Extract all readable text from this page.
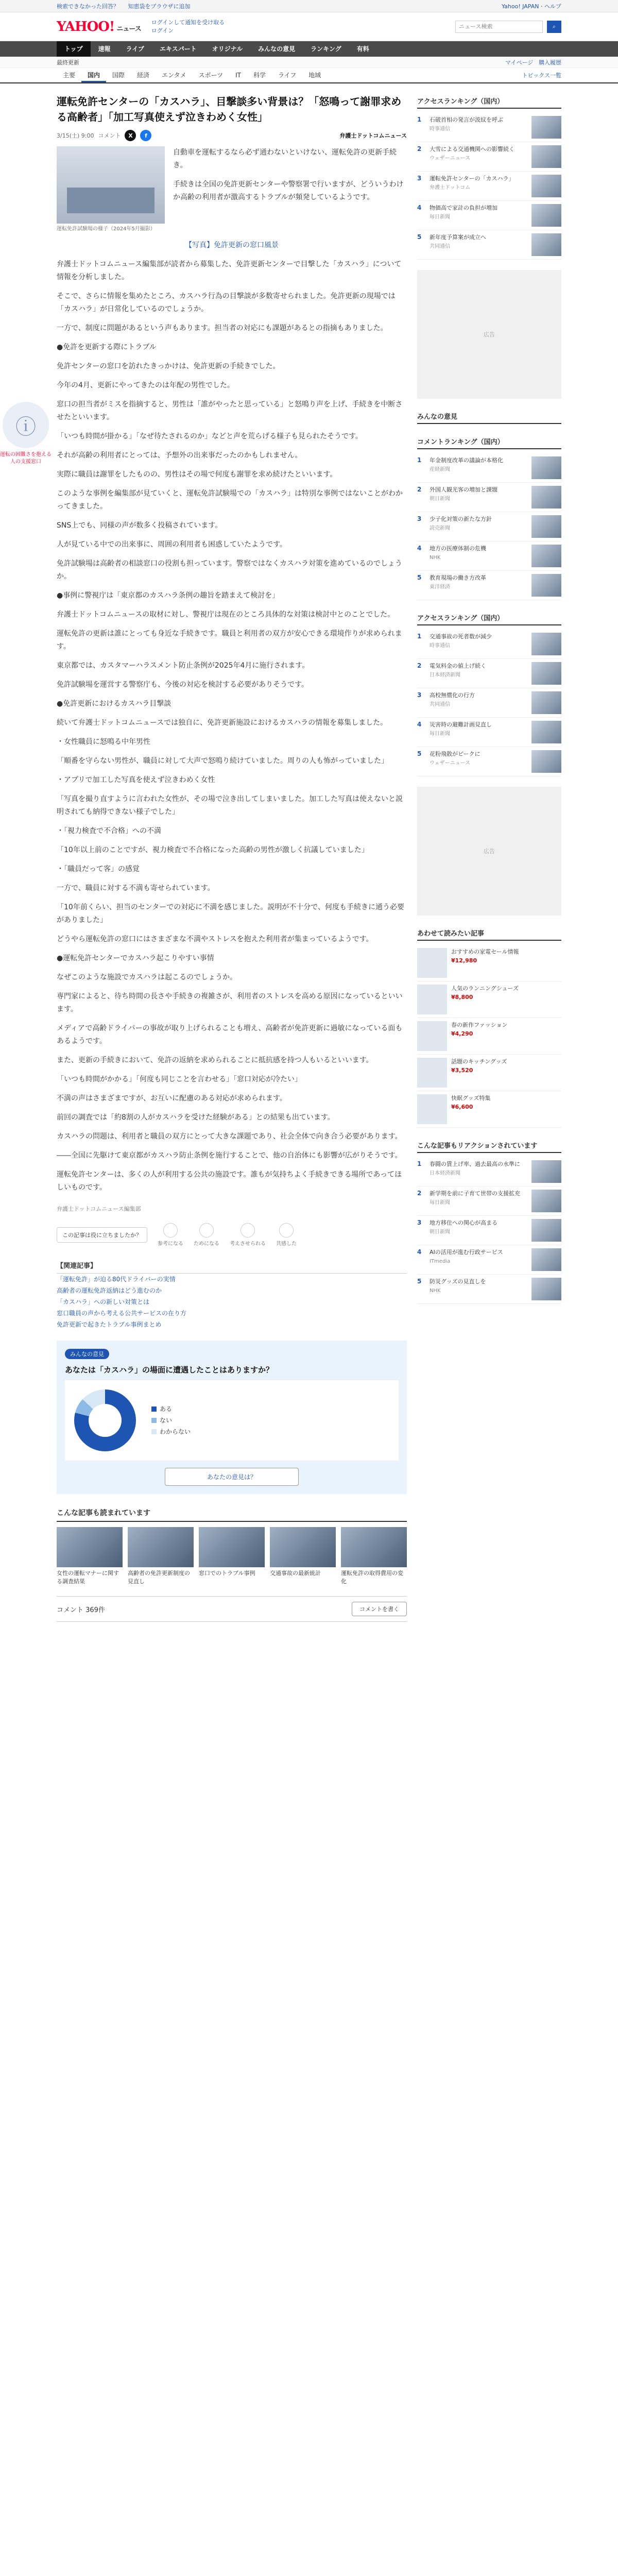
検索できなかった回答？ 知恵袋をブラウザに追加	Yahoo! JAPAN · ヘルプ
YAHOO! ニュース
ログインして通知を受け取る
ログイン
ニュース検索
⌕
トップ	速報	ライブ	エキスパート	オリジナル	みんなの意見	ランキング	有料
最終更新	マイページ 購入履歴
主要	国内	国際	経済	エンタメ	スポーツ	IT	科学	ライフ	地域	トピックス一覧
ⓘ

運転の困難さを抱える人の支援窓口

運転免許センターの「カスハラ」、目撃談多い背景は？「怒鳴って謝罪求める高齢者」「加工写真使えず泣きわめく女性」
3/15(土) 9:00 コメント	X	f	弁護士ドットコムニュース
運転免許試験場の様子（2024年5月撮影）

自動車を運転するなら必ず通わないといけない、運転免許の更新手続き。

手続きは全国の免許更新センターや警察署で行いますが、どういうわけか高齢の利用者が激高するトラブルが頻発しているようです。

【写真】免許更新の窓口風景

弁護士ドットコムニュース編集部が読者から募集した、免許更新センターで目撃した「カスハラ」について情報を分析しました。

そこで、さらに情報を集めたところ、カスハラ行為の目撃談が多数寄せられました。免許更新の現場では「カスハラ」が日常化しているのでしょうか。

一方で、制度に問題があるという声もあります。担当者の対応にも課題があるとの指摘もありました。

●免許を更新する際にトラブル

免許センターの窓口を訪れたきっかけは、免許更新の手続きでした。

今年の4月、更新にやってきたのは年配の男性でした。

窓口の担当者がミスを指摘すると、男性は「誰がやったと思っている」と怒鳴り声を上げ、手続きを中断させたといいます。

「いつも時間が掛かる」「なぜ待たされるのか」などと声を荒らげる様子も見られたそうです。

それが高齢の利用者にとっては、予想外の出来事だったのかもしれません。

実際に職員は謝罪をしたものの、男性はその場で何度も謝罪を求め続けたといいます。

このような事例を編集部が見ていくと、運転免許試験場での「カスハラ」は特別な事例ではないことがわかってきました。

SNS上でも、同様の声が数多く投稿されています。

人が見ている中での出来事に、周囲の利用者も困惑していたようです。

免許試験場は高齢者の相談窓口の役割も担っています。警察ではなくカスハラ対策を進めているのでしょうか。

●事例に警視庁は「東京都のカスハラ条例の趣旨を踏まえて検討を」

弁護士ドットコムニュースの取材に対し、警視庁は現在のところ具体的な対策は検討中とのことでした。

運転免許の更新は誰にとっても身近な手続きです。職員と利用者の双方が安心できる環境作りが求められます。

東京都では、カスタマーハラスメント防止条例が2025年4月に施行されます。

免許試験場を運営する警察庁も、今後の対応を検討する必要がありそうです。

●免許更新におけるカスハラ目撃談

続いて弁護士ドットコムニュースでは独自に、免許更新施設におけるカスハラの情報を募集しました。

・女性職員に怒鳴る中年男性

「順番を守らない男性が、職員に対して大声で怒鳴り続けていました。周りの人も怖がっていました」

・アプリで加工した写真を使えず泣きわめく女性

「写真を撮り直すように言われた女性が、その場で泣き出してしまいました。加工した写真は使えないと説明されても納得できない様子でした」

・「視力検査で不合格」への不満

「10年以上前のことですが、視力検査で不合格になった高齢の男性が激しく抗議していました」

・「職員だって客」の感覚

一方で、職員に対する不満も寄せられています。

「10年前くらい、担当のセンターでの対応に不満を感じました。説明が不十分で、何度も手続きに通う必要がありました」

どうやら運転免許の窓口にはさまざまな不満やストレスを抱えた利用者が集まっているようです。

●運転免許センターでカスハラ起こりやすい事情

なぜこのような施設でカスハラは起こるのでしょうか。

専門家によると、待ち時間の長さや手続きの複雑さが、利用者のストレスを高める原因になっているといいます。

メディアで高齢ドライバーの事故が取り上げられることも増え、高齢者が免許更新に過敏になっている面もあるようです。

また、更新の手続きにおいて、免許の返納を求められることに抵抗感を持つ人もいるといいます。

「いつも時間がかかる」「何度も同じことを言わせる」「窓口対応が冷たい」

不満の声はさまざまですが、お互いに配慮のある対応が求められます。

前回の調査では「約8割の人がカスハラを受けた経験がある」との結果も出ています。

カスハラの問題は、利用者と職員の双方にとって大きな課題であり、社会全体で向き合う必要があります。

――全国に先駆けて東京都がカスハラ防止条例を施行することで、他の自治体にも影響が広がりそうです。

運転免許センターは、多くの人が利用する公共の施設です。誰もが気持ちよく手続きできる場所であってほしいものです。

弁護士ドットコムニュース編集部
この記事は役に立ちましたか？
参考になる ためになる 考えさせられる 共感した
【関連記事】
「運転免許」が迫る80代ドライバーの実情
高齢者の運転免許返納はどう進むのか
「カスハラ」への新しい対策とは
窓口職員の声から考える公共サービスの在り方
免許更新で起きたトラブル事例まとめ
みんなの意見
あなたは「カスハラ」の場面に遭遇したことはありますか？
ある
ない
わからない
あなたの意見は？
こんな記事も読まれています

女性の運転マナーに関する調査結果

高齢者の免許更新制度の見直し

窓口でのトラブル事例	交通事故の最新統計	運転免許の取得費用の変化

コメント 369件	コメントを書く
アクセスランキング（国内）
1	石破首相の発言が波紋を呼ぶ
時事通信
2	大雪による交通機関への影響続く
ウェザーニュース
3	運転免許センターの「カスハラ」
弁護士ドットコム
4	物価高で家計の負担が増加
毎日新聞
5	新年度予算案が成立へ
共同通信
広告
みんなの意見
コメントランキング（国内）
1	年金制度改革の議論が本格化
産経新聞
2	外国人観光客の増加と課題
朝日新聞
3	少子化対策の新たな方針
読売新聞
4	地方の医療体制の危機
NHK
5	教育現場の働き方改革
東洋経済
アクセスランキング（国内）
1	交通事故の死者数が減少
時事通信
2	電気料金の値上げ続く
日本経済新聞
3	高校無償化の行方
共同通信
4	災害時の避難計画見直し
毎日新聞
5	花粉飛散がピークに
ウェザーニュース
広告
あわせて読みたい記事
おすすめの家電セール情報
¥12,980
人気のランニングシューズ
¥8,800
春の新作ファッション
¥4,290
話題のキッチングッズ
¥3,520
快眠グッズ特集
¥6,600
こんな記事もリアクションされています
1	春闘の賃上げ率、過去最高の水準に
日本経済新聞
2	新学期を前に子育て世帯の支援拡充
毎日新聞
3	地方移住への関心が高まる
朝日新聞
4	AIの活用が進む行政サービス
ITmedia
5	防災グッズの見直しを
NHK
